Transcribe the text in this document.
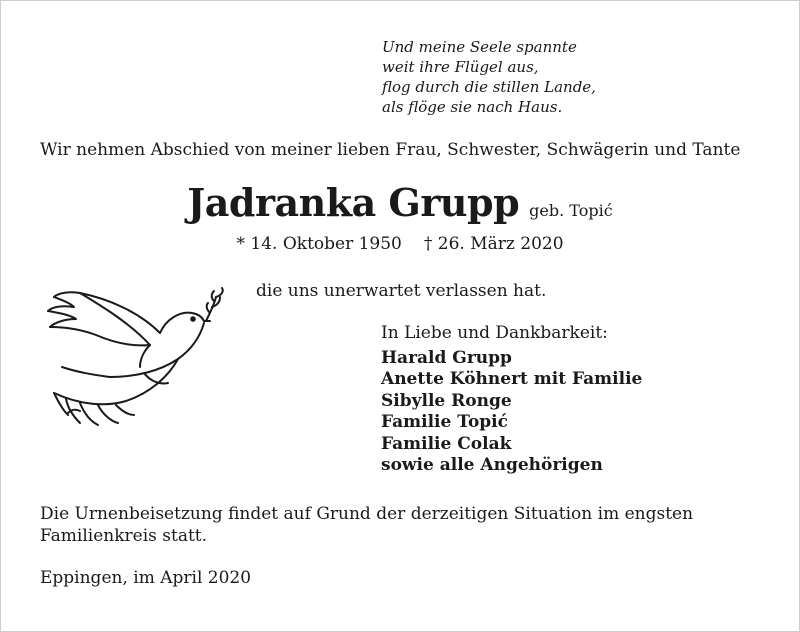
Und meine Seele spannte
weit ihre Flügel aus,
flog durch die stillen Lande,
als flöge sie nach Haus.
Wir nehmen Abschied von meiner lieben Frau, Schwester, Schwägerin und Tante
Jadranka Grupp geb. Topić
* 14. Oktober 1950 † 26. März 2020
die uns unerwartet verlassen hat.
In Liebe und Dankbarkeit:
Harald Grupp
Anette Köhnert mit Familie
Sibylle Ronge
Familie Topić
Familie Colak
sowie alle Angehörigen
Die Urnenbeisetzung findet auf Grund der derzeitigen Situation im engsten Familienkreis statt.
Eppingen, im April 2020
